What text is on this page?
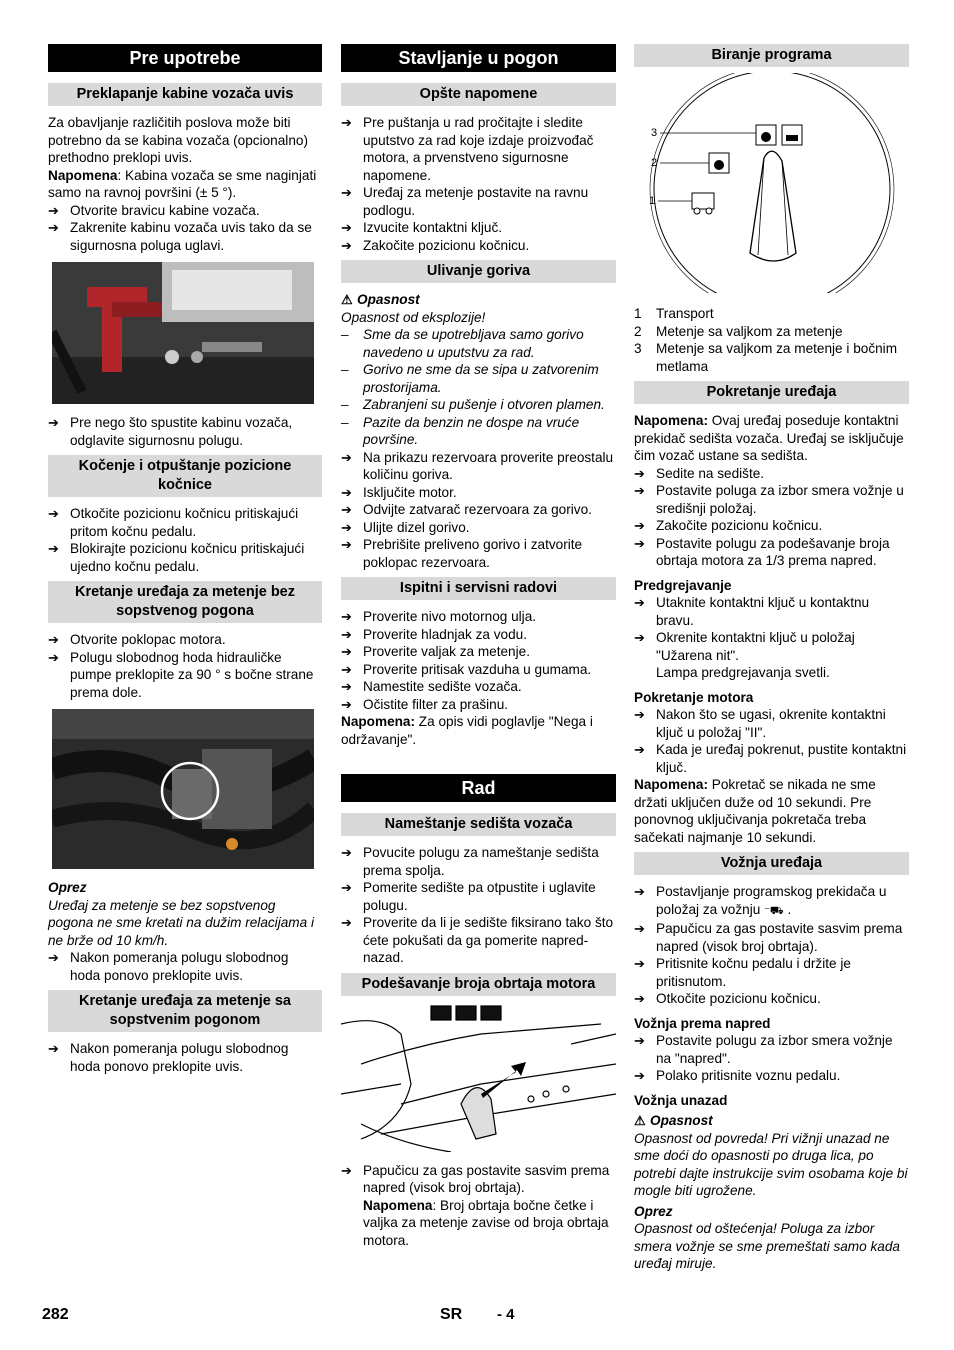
Pre upotrebe
Preklapanje kabine vozača uvis

Za obavljanje različitih poslova može biti potrebno da se kabina vozača (opcionalno) prethodno preklopi uvis.

Napomena: Kabina vozača se sme naginjati samo na ravnoj površini (± 5 °).

➔ Otvorite bravicu kabine vozača.
➔ Zakrenite kabinu vozača uvis tako da se sigurnosna poluga uglavi.
➔ Pre nego što spustite kabinu vozača, odglavite sigurnosnu polugu.
Kočenje i otpuštanje pozicione kočnice
➔ Otkočite pozicionu kočnicu pritiskajući pritom kočnu pedalu.
➔ Blokirajte pozicionu kočnicu pritiskajući ujedno kočnu pedalu.
Kretanje uređaja za metenje bez sopstvenog pogona
➔ Otvorite poklopac motora.
➔ Polugu slobodnog hoda hidrauličke pumpe preklopite za 90 ° s bočne strane prema dole.

Oprez

Uređaj za metenje se bez sopstvenog pogona ne sme kretati na dužim relacijama i ne brže od 10 km/h.

➔ Nakon pomeranja polugu slobodnog hoda ponovo preklopite uvis.
Kretanje uređaja za metenje sa sopstvenim pogonom
➔ Nakon pomeranja polugu slobodnog hoda ponovo preklopite uvis.
Stavljanje u pogon
Opšte napomene
➔ Pre puštanja u rad pročitajte i sledite uputstvo za rad koje izdaje proizvođač motora, a prvenstveno sigurnosne napomene.
➔ Uređaj za metenje postavite na ravnu podlogu.
➔ Izvucite kontaktni ključ.
➔ Zakočite pozicionu kočnicu.
Ulivanje goriva
⚠ Opasnost

Opasnost od eksplozije!

–	Sme da se upotrebljava samo gorivo navedeno u uputstvu za rad.
–	Gorivo ne sme da se sipa u zatvorenim prostorijama.
–	Zabranjeni su pušenje i otvoren plamen.
–	Pazite da benzin ne dospe na vruće površine.
➔ Na prikazu rezervoara proverite preostalu količinu goriva.
➔ Isključite motor.
➔ Odvijte zatvarač rezervoara za gorivo.
➔ Ulijte dizel gorivo.
➔ Prebrišite preliveno gorivo i zatvorite poklopac rezervoara.
Ispitni i servisni radovi
➔ Proverite nivo motornog ulja.
➔ Proverite hladnjak za vodu.
➔ Proverite valjak za metenje.
➔ Proverite pritisak vazduha u gumama.
➔ Namestite sedište vozača.
➔ Očistite filter za prašinu.

Napomena: Za opis vidi poglavlje "Nega i održavanje".

Rad
Nameštanje sedišta vozača
➔ Povucite polugu za nameštanje sedišta prema spolja.
➔ Pomerite sedište pa otpustite i uglavite polugu.
➔ Proverite da li je sedište fiksirano tako što ćete pokušati da ga pomerite napred-nazad.
Podešavanje broja obrtaja motora
➔ Papučicu za gas postavite sasvim prema napred (visok broj obrtaja).

Napomena: Broj obrtaja bočne četke i valjka za metenje zavise od broja obrtaja motora.

Biranje programa
3
2
1
1	Transport
2	Metenje sa valjkom za metenje
3	Metenje sa valjkom za metenje i bočnim metlama
Pokretanje uređaja

Napomena: Ovaj uređaj poseduje kontaktni prekidač sedišta vozača. Uređaj se isključuje čim vozač ustane sa sedišta.

➔ Sedite na sedište.
➔ Postavite poluga za izbor smera vožnje u središnji položaj.
➔ Zakočite pozicionu kočnicu.
➔ Postavite polugu za podešavanje broja obrtaja motora za 1/3 prema napred.

Predgrejavanje

➔ Utaknite kontaktni ključ u kontaktnu bravu.
➔ Okrenite kontaktni ključ u položaj "Užarena nit".

Lampa predgrejavanja svetli.

Pokretanje motora

➔ Nakon što se ugasi, okrenite kontaktni ključ u položaj "II".
➔ Kada je uređaj pokrenut, pustite kontaktni ključ.

Napomena: Pokretač se nikada ne sme držati uključen duže od 10 sekundi. Pre ponovnog uključivanja pokretača treba sačekati najmanje 10 sekundi.

Vožnja uređaja
➔ Postavljanje programskog prekidača u položaj za vožnju ⁻⛟ .
➔ Papučicu za gas postavite sasvim prema napred (visok broj obrtaja).
➔ Pritisnite kočnu pedalu i držite je pritisnutom.
➔ Otkočite pozicionu kočnicu.

Vožnja prema napred

➔ Postavite polugu za izbor smera vožnje na "napred".
➔ Polako pritisnite voznu pedalu.

Vožnja unazad

⚠ Opasnost

Opasnost od povreda! Pri vižnji unazad ne sme doći do opasnosti po druga lica, po potrebi dajte instrukcije svim osobama koje bi mogle biti ugrožene.

Oprez

Opasnost od oštećenja! Poluga za izbor smera vožnje se sme premeštati samo kada uređaj miruje.

282	SR - 4
